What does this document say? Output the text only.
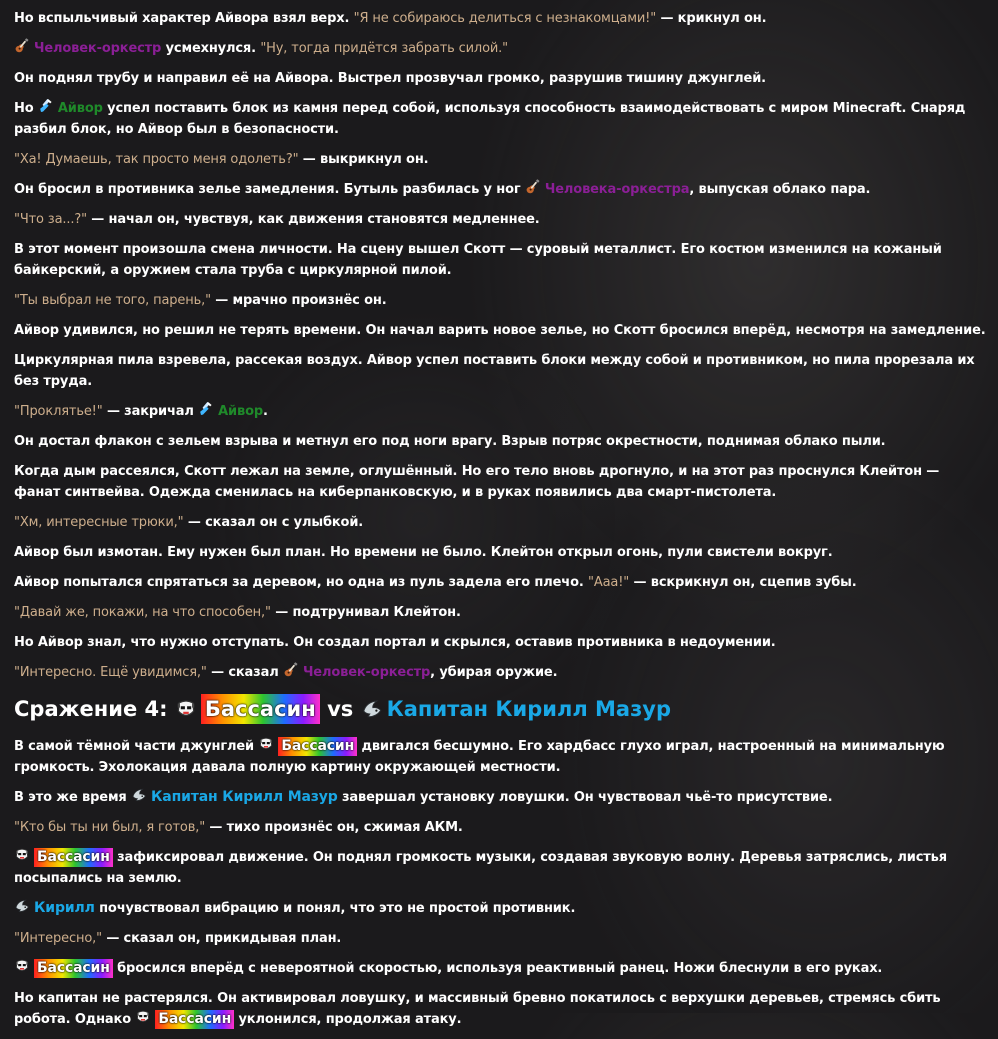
Но вспыльчивый характер Айвора взял верх. "Я не собираюсь делиться с незнакомцами!" — крикнул он.
Человек-оркестр усмехнулся. "Ну, тогда придётся забрать силой."
Он поднял трубу и направил её на Айвора. Выстрел прозвучал громко, разрушив тишину джунглей.
Но Айвор успел поставить блок из камня перед собой, используя способность взаимодействовать с миром Minecraft. Снаряд разбил блок, но Айвор был в безопасности.
"Ха! Думаешь, так просто меня одолеть?" — выкрикнул он.
Он бросил в противника зелье замедления. Бутыль разбилась у ног Человека-оркестра, выпуская облако пара.
"Что за...?" — начал он, чувствуя, как движения становятся медленнее.
В этот момент произошла смена личности. На сцену вышел Скотт — суровый металлист. Его костюм изменился на кожаный байкерский, а оружием стала труба с циркулярной пилой.
"Ты выбрал не того, парень," — мрачно произнёс он.
Айвор удивился, но решил не терять времени. Он начал варить новое зелье, но Скотт бросился вперёд, несмотря на замедление.
Циркулярная пила взревела, рассекая воздух. Айвор успел поставить блоки между собой и противником, но пила прорезала их без труда.
"Проклятье!" — закричал Айвор.
Он достал флакон с зельем взрыва и метнул его под ноги врагу. Взрыв потряс окрестности, поднимая облако пыли.
Когда дым рассеялся, Скотт лежал на земле, оглушённый. Но его тело вновь дрогнуло, и на этот раз проснулся Клейтон — фанат синтвейва. Одежда сменилась на киберпанковскую, и в руках появились два смарт-пистолета.
"Хм, интересные трюки," — сказал он с улыбкой.
Айвор был измотан. Ему нужен был план. Но времени не было. Клейтон открыл огонь, пули свистели вокруг.
Айвор попытался спрятаться за деревом, но одна из пуль задела его плечо. "Ааа!" — вскрикнул он, сцепив зубы.
"Давай же, покажи, на что способен," — подтрунивал Клейтон.
Но Айвор знал, что нужно отступать. Он создал портал и скрылся, оставив противника в недоумении.
"Интересно. Ещё увидимся," — сказал Человек-оркестр, убирая оружие.
Сражение 4: Бассасин vs Капитан Кирилл Мазур
В самой тёмной части джунглей Бассасин двигался бесшумно. Его хардбасс глухо играл, настроенный на минимальную громкость. Эхолокация давала полную картину окружающей местности.
В это же время Капитан Кирилл Мазур завершал установку ловушки. Он чувствовал чьё-то присутствие.
"Кто бы ты ни был, я готов," — тихо произнёс он, сжимая АКМ.
Бассасин зафиксировал движение. Он поднял громкость музыки, создавая звуковую волну. Деревья затряслись, листья посыпались на землю.
Кирилл почувствовал вибрацию и понял, что это не простой противник.
"Интересно," — сказал он, прикидывая план.
Бассасин бросился вперёд с невероятной скоростью, используя реактивный ранец. Ножи блеснули в его руках.
Но капитан не растерялся. Он активировал ловушку, и массивный бревно покатилось с верхушки деревьев, стремясь сбить робота. Однако Бассасин уклонился, продолжая атаку.
